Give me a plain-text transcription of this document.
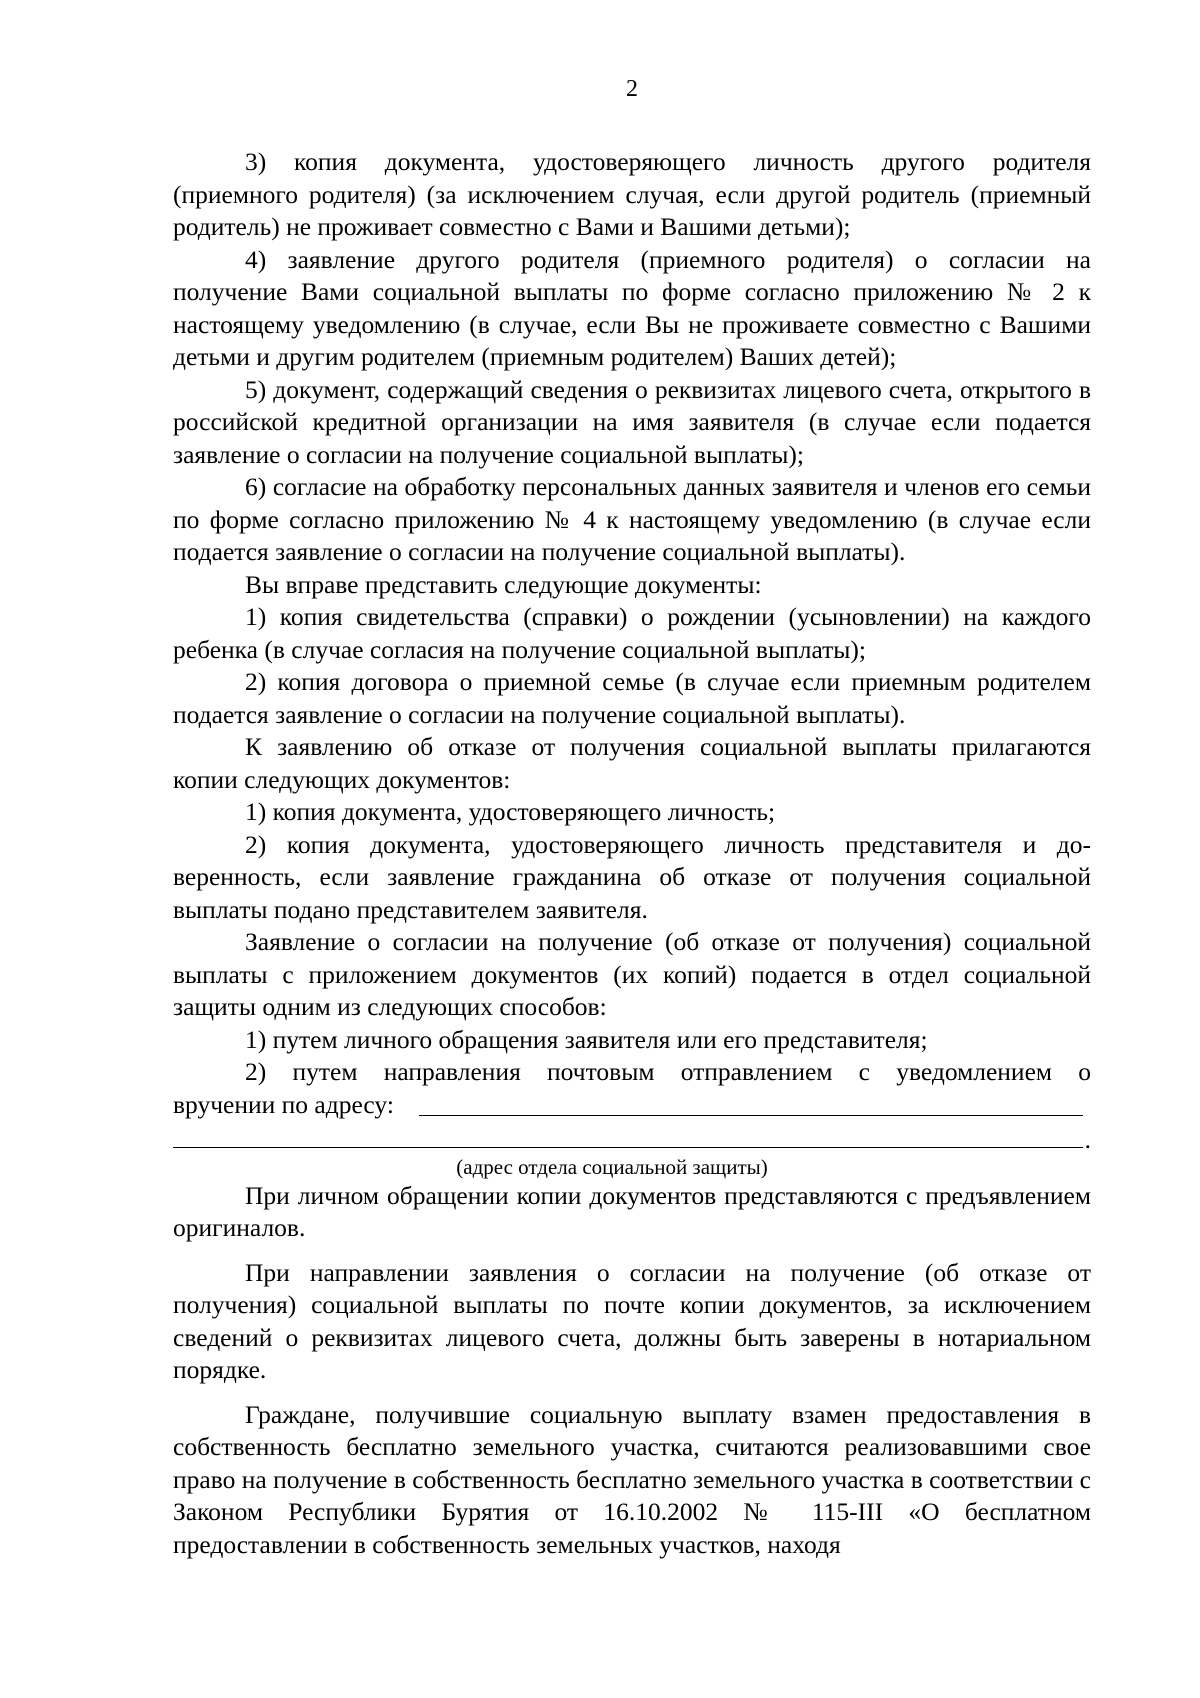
2

3) копия документа, удостоверяющего личность другого родителя (приемного родителя) (за исключением случая, если другой родитель (приемный родитель) не проживает совместно с Вами и Вашими детьми);

4) заявление другого родителя (приемного родителя) о согласии на получение Вами социальной выплаты по форме согласно приложению № 2 к настоящему уведомлению (в случае, если Вы не проживаете совместно с Вашими детьми и другим родителем (приемным родителем) Ваших детей);

5) документ, содержащий сведения о реквизитах лицевого счета, открытого в российской кредитной организации на имя заявителя (в случае если подается заявление о согласии на получение социальной выплаты);

6) согласие на обработку персональных данных заявителя и членов его семьи по форме согласно приложению № 4 к настоящему уведомлению (в случае если подается заявление о согласии на получение социальной выплаты).

Вы вправе представить следующие документы:

1) копия свидетельства (справки) о рождении (усыновлении) на каждого ребенка (в случае согласия на получение социальной выплаты);

2) копия договора о приемной семье (в случае если приемным родителем подается заявление о согласии на получение социальной выплаты).

К заявлению об отказе от получения социальной выплаты прилагаются копии следующих документов:

1) копия документа, удостоверяющего личность;

2) копия документа, удостоверяющего личность представителя и доверенность, если заявление гражданина об отказе от получения социальной выплаты подано представителем заявителя.

Заявление о согласии на получение (об отказе от получения) социальной выплаты с приложением документов (их копий) подается в отдел социальной защиты одним из следующих способов:

1) путем личного обращения заявителя или его представителя;

2) путем направления почтовым отправлением с уведомлением о

вручении по адресу:
.

(адрес отдела социальной защиты)

При личном обращении копии документов представляются с предъявлением оригиналов.

При направлении заявления о согласии на получение (об отказе от получения) социальной выплаты по почте копии документов, за исключением сведений о реквизитах лицевого счета, должны быть заверены в нотариальном порядке.

Граждане, получившие социальную выплату взамен предоставления в собственность бесплатно земельного участка, считаются реализовавшими свое право на получение в собственность бесплатно земельного участка в соответствии с Законом Республики Бурятия от 16.10.2002 № 115-III «О бесплатном предоставлении в собственность земельных участков, находя
